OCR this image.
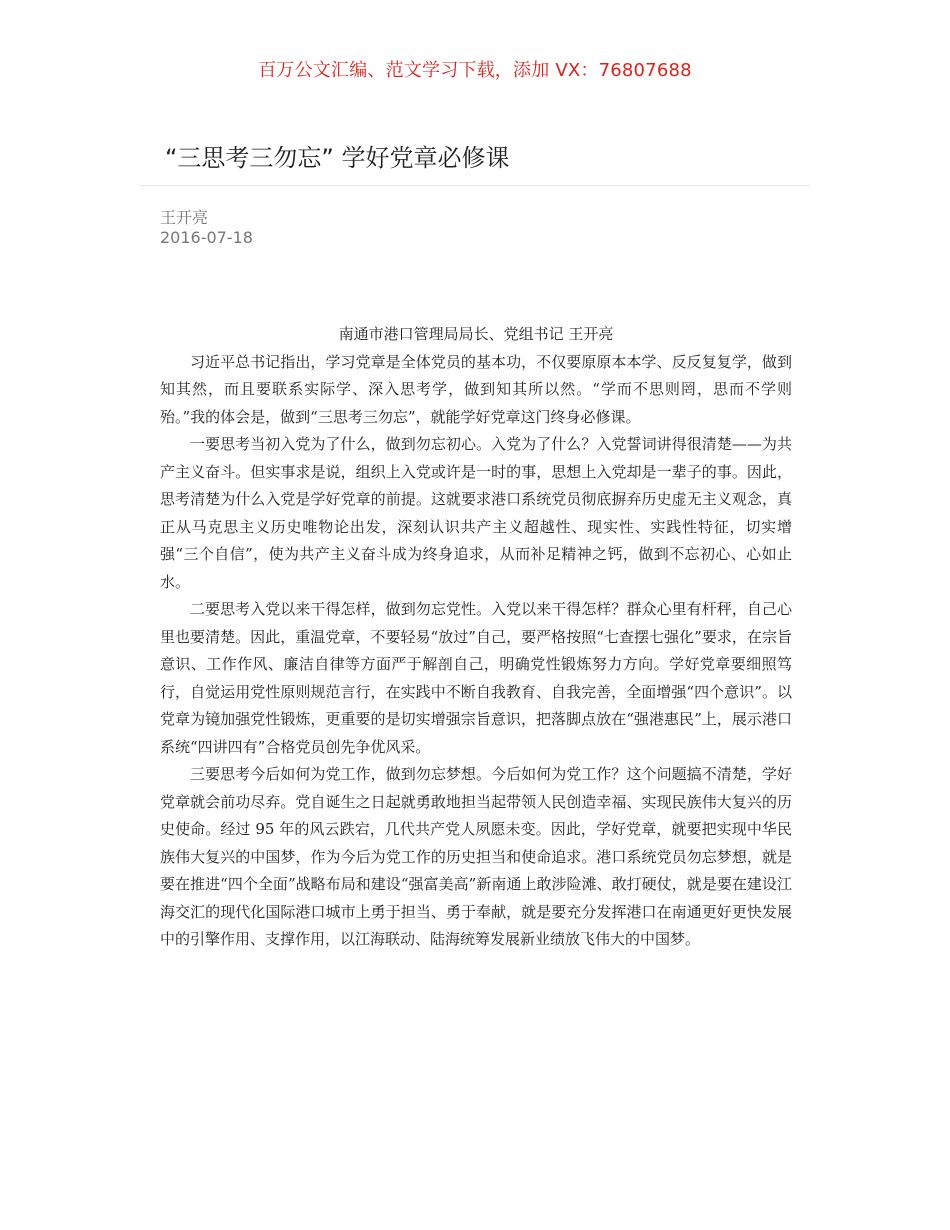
百万公文汇编、范文学习下载，添加 VX：76807688
“三思考三勿忘” 学好党章必修课
王开亮
2016-07-18

南通市港口管理局局长、党组书记 王开亮

习近平总书记指出，学习党章是全体党员的基本功，不仅要原原本本学、反反复复学，做到知其然，而且要联系实际学、深入思考学，做到知其所以然。“学而不思则罔，思而不学则殆。”我的体会是，做到“三思考三勿忘”，就能学好党章这门终身必修课。

一要思考当初入党为了什么，做到勿忘初心。入党为了什么？入党誓词讲得很清楚——为共产主义奋斗。但实事求是说，组织上入党或许是一时的事，思想上入党却是一辈子的事。因此，思考清楚为什么入党是学好党章的前提。这就要求港口系统党员彻底摒弃历史虚无主义观念，真正从马克思主义历史唯物论出发，深刻认识共产主义超越性、现实性、实践性特征，切实增强“三个自信”，使为共产主义奋斗成为终身追求，从而补足精神之钙，做到不忘初心、心如止水。

二要思考入党以来干得怎样，做到勿忘党性。入党以来干得怎样？群众心里有杆秤，自己心里也要清楚。因此，重温党章，不要轻易“放过”自己，要严格按照“七查摆七强化”要求，在宗旨意识、工作作风、廉洁自律等方面严于解剖自己，明确党性锻炼努力方向。学好党章要细照笃行，自觉运用党性原则规范言行，在实践中不断自我教育、自我完善，全面增强“四个意识”。以党章为镜加强党性锻炼，更重要的是切实增强宗旨意识，把落脚点放在“强港惠民”上，展示港口系统“四讲四有”合格党员创先争优风采。

三要思考今后如何为党工作，做到勿忘梦想。今后如何为党工作？这个问题搞不清楚，学好党章就会前功尽弃。党自诞生之日起就勇敢地担当起带领人民创造幸福、实现民族伟大复兴的历史使命。经过 95 年的风云跌宕，几代共产党人夙愿未变。因此，学好党章，就要把实现中华民族伟大复兴的中国梦，作为今后为党工作的历史担当和使命追求。港口系统党员勿忘梦想，就是要在推进“四个全面”战略布局和建设“强富美高”新南通上敢涉险滩、敢打硬仗，就是要在建设江海交汇的现代化国际港口城市上勇于担当、勇于奉献，就是要充分发挥港口在南通更好更快发展中的引擎作用、支撑作用，以江海联动、陆海统筹发展新业绩放飞伟大的中国梦。
